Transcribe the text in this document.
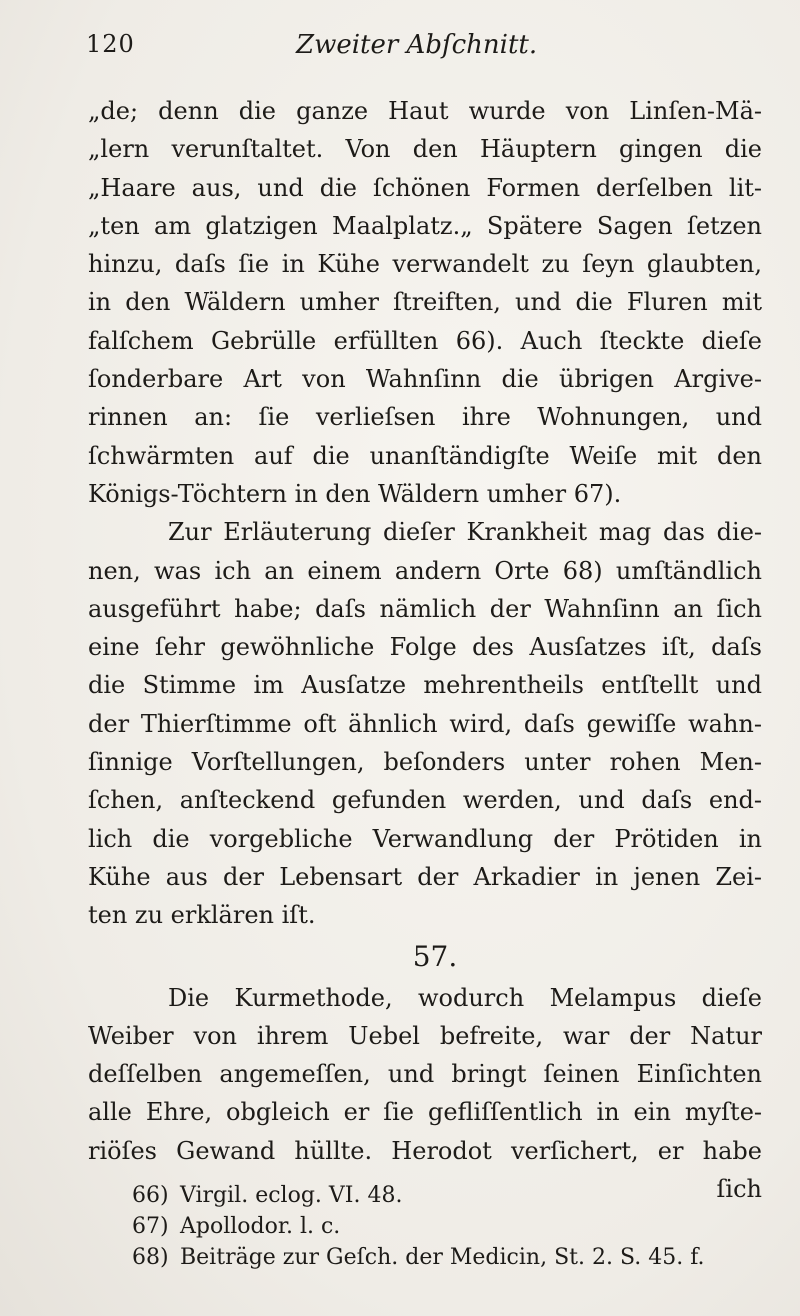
120	Zweiter Abſchnitt.
„de; denn die ganze Haut wurde von Linſen-Mä-
„lern verunſtaltet. Von den Häuptern gingen die
„Haare aus, und die ſchönen Formen derſelben lit-
„ten am glatzigen Maalplatz.„ Spätere Sagen ſetzen
hinzu, daſs ſie in Kühe verwandelt zu ſeyn glaubten,
in den Wäldern umher ſtreiften, und die Fluren mit
falſchem Gebrülle erfüllten 66). Auch ſteckte dieſe
ſonderbare Art von Wahnſinn die übrigen Argive-
rinnen an: ſie verlieſsen ihre Wohnungen, und
ſchwärmten auf die unanſtändigſte Weiſe mit den
Königs-Töchtern in den Wäldern umher 67).
Zur Erläuterung dieſer Krankheit mag das die-
nen, was ich an einem andern Orte 68) umſtändlich
ausgeführt habe; daſs nämlich der Wahnſinn an ſich
eine ſehr gewöhnliche Folge des Ausſatzes iſt, daſs
die Stimme im Ausſatze mehrentheils entſtellt und
der Thierſtimme oft ähnlich wird, daſs gewiſſe wahn-
ſinnige Vorſtellungen, beſonders unter rohen Men-
ſchen, anſteckend gefunden werden, und daſs end-
lich die vorgebliche Verwandlung der Prötiden in
Kühe aus der Lebensart der Arkadier in jenen Zei-
ten zu erklären iſt.
57.
Die Kurmethode, wodurch Melampus dieſe
Weiber von ihrem Uebel befreite, war der Natur
deſſelben angemeſſen, und bringt ſeinen Einſichten
alle Ehre, obgleich er ſie gefliſſentlich in ein myſte-
riöſes Gewand hüllte. Herodot verſichert, er habe
ſich
66) Virgil. eclog. VI. 48.
67) Apollodor. l. c.
68) Beiträge zur Geſch. der Medicin, St. 2. S. 45. f.
